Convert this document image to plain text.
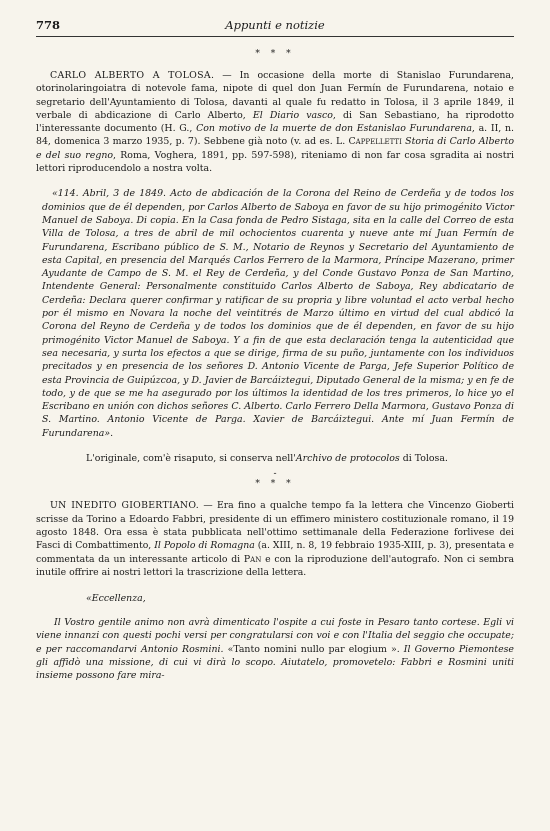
778	Appunti e notizie
* * *

CARLO ALBERTO A TOLOSA. — In occasione della morte di Stanislao Furundarena, otorinolaringoiatra di notevole fama, nipote di quel don Juan Fermín de Furundarena, notaio e segretario dell'Ayuntamiento di Tolosa, davanti al quale fu redatto in Tolosa, il 3 aprile 1849, il verbale di abdicazione di Carlo Alberto, El Diario vasco, di San Sebastiano, ha riprodotto l'interessante documento (H. G., Con motivo de la muerte de don Estanislao Furundarena, a. II, n. 84, domenica 3 marzo 1935, p. 7). Sebbene già noto (v. ad es. L. Cappelletti Storia di Carlo Alberto e del suo regno, Roma, Voghera, 1891, pp. 597-598), riteniamo di non far cosa sgradita ai nostri lettori riproducendolo a nostra volta.

«114. Abril, 3 de 1849. Acto de abdicación de la Corona del Reino de Cerdeña y de todos los dominios que de él dependen, por Carlos Alberto de Saboya en favor de su hijo primogénito Victor Manuel de Saboya. Di copia. En la Casa fonda de Pedro Sistaga, sita en la calle del Correo de esta Villa de Tolosa, a tres de abril de mil ochocientos cuarenta y nueve ante mí Juan Fermín de Furundarena, Escribano público de S. M., Notario de Reynos y Secretario del Ayuntamiento de esta Capital, en presencia del Marqués Carlos Ferrero de la Marmora, Príncipe Mazerano, primer Ayudante de Campo de S. M. el Rey de Cerdeña, y del Conde Gustavo Ponza de San Martino, Intendente General: Personalmente constituido Carlos Alberto de Saboya, Rey abdicatario de Cerdeña: Declara querer confirmar y ratificar de su propria y libre voluntad el acto verbal hecho por él mismo en Novara la noche del veintitrés de Marzo último en virtud del cual abdicó la Corona del Reyno de Cerdeña y de todos los dominios que de él dependen, en favor de su hijo primogénito Victor Manuel de Saboya. Y a fin de que esta declaración tenga la autenticidad que sea necesaria, y surta los efectos a que se dirige, firma de su puño, juntamente con los individuos precitados y en presencia de los señores D. Antonio Vicente de Parga, Jefe Superior Político de esta Provincia de Guipúzcoa, y D. Javier de Barcáiztegui, Diputado General de la misma; y en fe de todo, y de que se me ha asegurado por los últimos la identidad de los tres primeros, lo hice yo el Escribano en unión con dichos señores C. Alberto. Carlo Ferrero Della Marmora, Gustavo Ponza di S. Martino. Antonio Vicente de Parga. Xavier de Barcáiztegui. Ante mí Juan Fermín de Furundarena».

L'originale, com'è risaputo, si conserva nell'Archivo de protocolos di Tolosa.

-
* * *

UN INEDITO GIOBERTIANO. — Era fino a qualche tempo fa la lettera che Vincenzo Gioberti scrisse da Torino a Edoardo Fabbri, presidente di un effimero ministero costituzionale romano, il 19 agosto 1848. Ora essa è stata pubblicata nell'ottimo settimanale della Federazione forlivese dei Fasci di Combattimento, Il Popolo di Romagna (a. XIII, n. 8, 19 febbraio 1935-XIII, p. 3), presentata e commentata da un interessante articolo di Pan e con la riproduzione dell'autografo. Non ci sembra inutile offrire ai nostri lettori la trascrizione della lettera.

«Eccellenza,

Il Vostro gentile animo non avrà dimenticato l'ospite a cui foste in Pesaro tanto cortese. Egli vi viene innanzi con questi pochi versi per congratularsi con voi e con l'Italia del seggio che occupate; e per raccomandarvi Antonio Rosmini. «Tanto nomini nullo par elogium ». Il Governo Piemontese gli affidò una missione, di cui vi dirà lo scopo. Aiutatelo, promovetelo: Fabbri e Rosmini uniti insieme possono fare mira-
